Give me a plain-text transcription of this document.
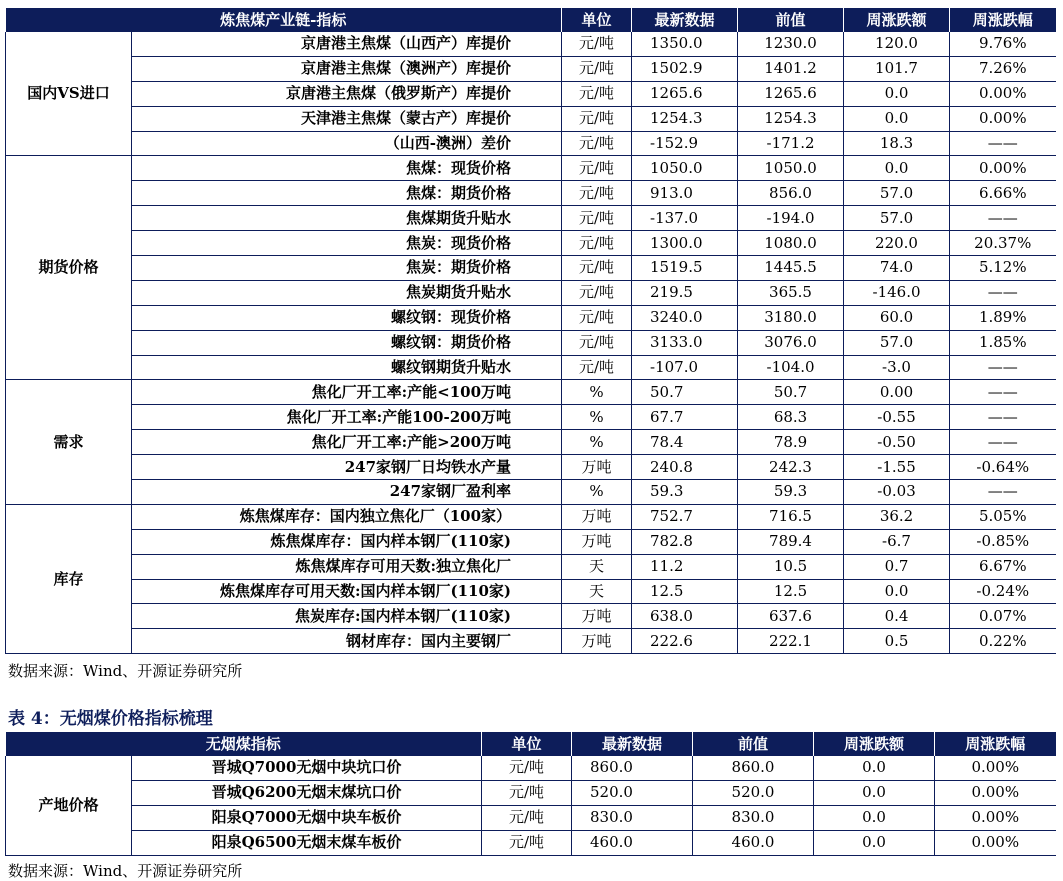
炼焦煤产业链-指标		单位	最新数据	前值	周涨跌额	周涨跌幅
国内VS进口	京唐港主焦煤（山西产）库提价	元/吨	1350.0	1230.0	120.0	9.76%
	京唐港主焦煤（澳洲产）库提价	元/吨	1502.9	1401.2	101.7	7.26%
	京唐港主焦煤（俄罗斯产）库提价	元/吨	1265.6	1265.6	0.0	0.00%
	天津港主焦煤（蒙古产）库提价	元/吨	1254.3	1254.3	0.0	0.00%
	（山西-澳洲）差价	元/吨	-152.9	-171.2	18.3	——
期货价格	焦煤：现货价格	元/吨	1050.0	1050.0	0.0	0.00%
	焦煤：期货价格	元/吨	913.0	856.0	57.0	6.66%
	焦煤期货升贴水	元/吨	-137.0	-194.0	57.0	——
	焦炭：现货价格	元/吨	1300.0	1080.0	220.0	20.37%
	焦炭：期货价格	元/吨	1519.5	1445.5	74.0	5.12%
	焦炭期货升贴水	元/吨	219.5	365.5	-146.0	——
	螺纹钢：现货价格	元/吨	3240.0	3180.0	60.0	1.89%
	螺纹钢：期货价格	元/吨	3133.0	3076.0	57.0	1.85%
	螺纹钢期货升贴水	元/吨	-107.0	-104.0	-3.0	——
需求	焦化厂开工率:产能<100万吨	%	50.7	50.7	0.00	——
	焦化厂开工率:产能100-200万吨	%	67.7	68.3	-0.55	——
	焦化厂开工率:产能>200万吨	%	78.4	78.9	-0.50	——
	247家钢厂日均铁水产量	万吨	240.8	242.3	-1.55	-0.64%
	247家钢厂盈利率	%	59.3	59.3	-0.03	——
库存	炼焦煤库存：国内独立焦化厂（100家）	万吨	752.7	716.5	36.2	5.05%
	炼焦煤库存：国内样本钢厂(110家)	万吨	782.8	789.4	-6.7	-0.85%
	炼焦煤库存可用天数:独立焦化厂	天	11.2	10.5	0.7	6.67%
	炼焦煤库存可用天数:国内样本钢厂(110家)	天	12.5	12.5	0.0	-0.24%
	焦炭库存:国内样本钢厂(110家)	万吨	638.0	637.6	0.4	0.07%
	钢材库存：国内主要钢厂	万吨	222.6	222.1	0.5	0.22%
数据来源：Wind、开源证券研究所
表 4：无烟煤价格指标梳理
无烟煤指标		单位	最新数据	前值	周涨跌额	周涨跌幅
产地价格	晋城Q7000无烟中块坑口价	元/吨	860.0	860.0	0.0	0.00%
	晋城Q6200无烟末煤坑口价	元/吨	520.0	520.0	0.0	0.00%
	阳泉Q7000无烟中块车板价	元/吨	830.0	830.0	0.0	0.00%
	阳泉Q6500无烟末煤车板价	元/吨	460.0	460.0	0.0	0.00%
数据来源：Wind、开源证券研究所
